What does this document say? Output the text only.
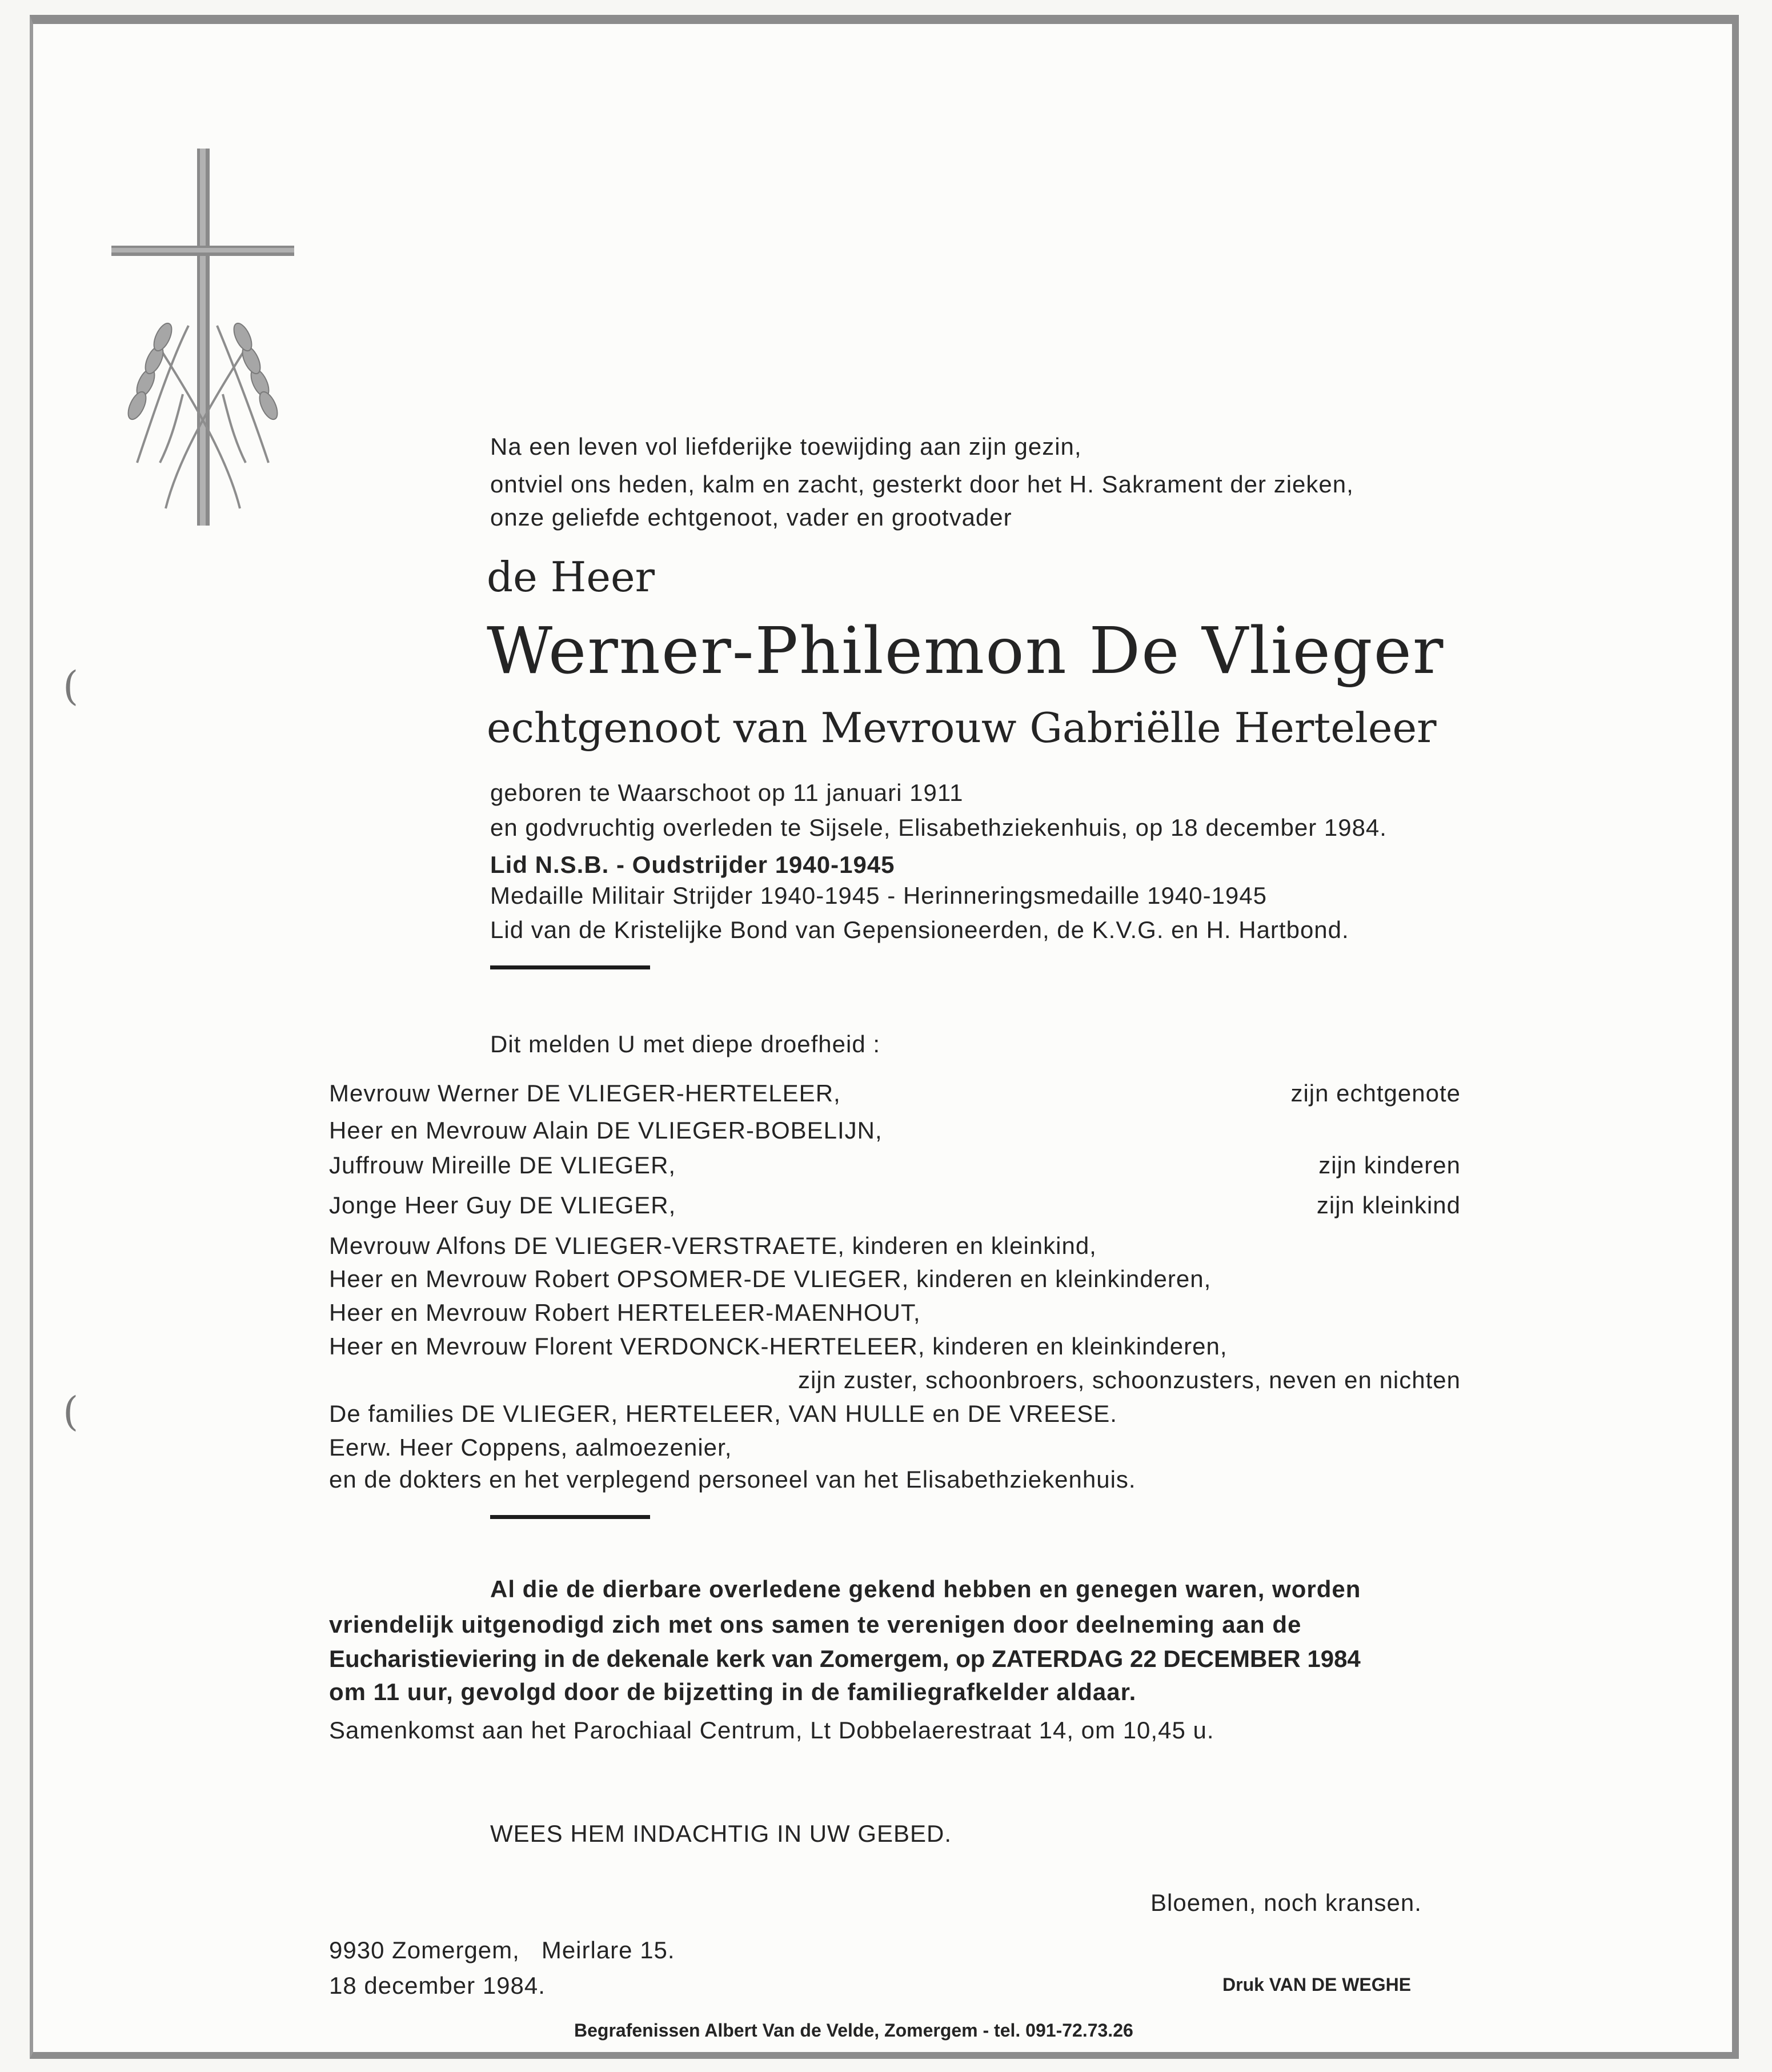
(
(
Na een leven vol liefderijke toewijding aan zijn gezin,
ontviel ons heden, kalm en zacht, gesterkt door het H. Sakrament der zieken,
onze geliefde echtgenoot, vader en grootvader
de Heer
Werner-Philemon De Vlieger
echtgenoot van Mevrouw Gabriëlle Herteleer
geboren te Waarschoot op 11 januari 1911
en godvruchtig overleden te Sijsele, Elisabethziekenhuis, op 18 december 1984.
Lid N.S.B. - Oudstrijder 1940-1945
Medaille Militair Strijder 1940-1945 - Herinneringsmedaille 1940-1945
Lid van de Kristelijke Bond van Gepensioneerden, de K.V.G. en H. Hartbond.
Dit melden U met diepe droefheid :
Mevrouw Werner DE VLIEGER-HERTELEER,	zijn echtgenote
Heer en Mevrouw Alain DE VLIEGER-BOBELIJN,
Juffrouw Mireille DE VLIEGER,	zijn kinderen
Jonge Heer Guy DE VLIEGER,	zijn kleinkind
Mevrouw Alfons DE VLIEGER-VERSTRAETE, kinderen en kleinkind,
Heer en Mevrouw Robert OPSOMER-DE VLIEGER, kinderen en kleinkinderen,
Heer en Mevrouw Robert HERTELEER-MAENHOUT,
Heer en Mevrouw Florent VERDONCK-HERTELEER, kinderen en kleinkinderen,
zijn zuster, schoonbroers, schoonzusters, neven en nichten
De families DE VLIEGER, HERTELEER, VAN HULLE en DE VREESE.
Eerw. Heer Coppens, aalmoezenier,
en de dokters en het verplegend personeel van het Elisabethziekenhuis.
Al die de dierbare overledene gekend hebben en genegen waren, worden
vriendelijk uitgenodigd zich met ons samen te verenigen door deelneming aan de
Eucharistieviering in de dekenale kerk van Zomergem, op ZATERDAG 22 DECEMBER 1984
om 11 uur, gevolgd door de bijzetting in de familiegrafkelder aldaar.
Samenkomst aan het Parochiaal Centrum, Lt Dobbelaerestraat 14, om 10,45 u.
WEES HEM INDACHTIG IN UW GEBED.
Bloemen, noch kransen.
9930 Zomergem,   Meirlare 15.
18 december 1984.	Druk VAN DE WEGHE
Begrafenissen Albert Van de Velde, Zomergem - tel. 091-72.73.26
